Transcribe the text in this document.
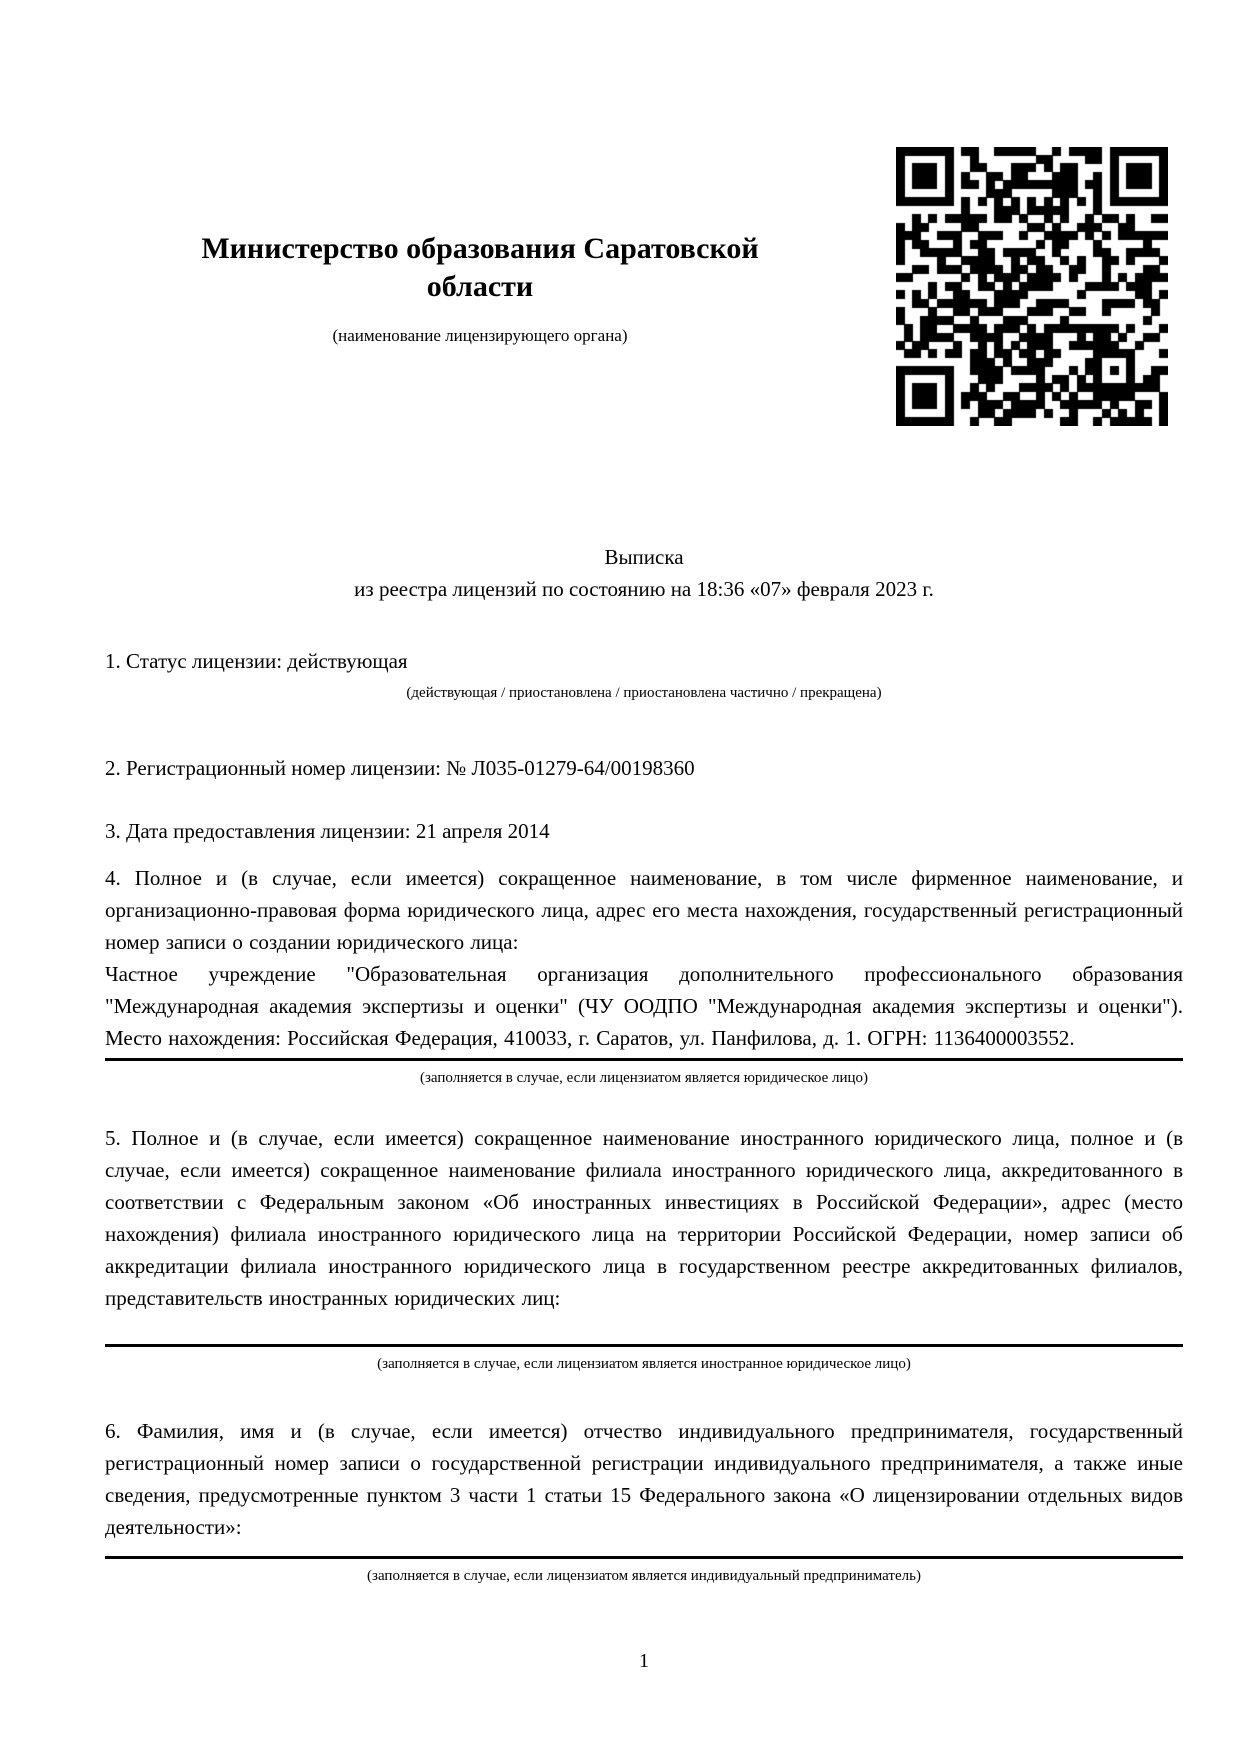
Министерство образования Саратовской
области
(наименование лицензирующего органа)
Выписка
из реестра лицензий по состоянию на 18:36 «07» февраля 2023 г.
1. Статус лицензии: действующая
(действующая / приостановлена / приостановлена частично / прекращена)
2. Регистрационный номер лицензии: № Л035-01279-64/00198360
3. Дата предоставления лицензии: 21 апреля 2014
4. Полное и (в случае, если имеется) сокращенное наименование, в том числе фирменное наименование, и организационно-правовая форма юридического лица, адрес его места нахождения, государственный регистрационный номер записи о создании юридического лица:
Частное учреждение "Образовательная организация дополнительного профессионального образования "Международная академия экспертизы и оценки" (ЧУ ООДПО "Международная академия экспертизы и оценки"). Место нахождения: Российская Федерация, 410033, г. Саратов, ул. Панфилова, д. 1. ОГРН: 1136400003552.
(заполняется в случае, если лицензиатом является юридическое лицо)
5. Полное и (в случае, если имеется) сокращенное наименование иностранного юридического лица, полное и (в случае, если имеется) сокращенное наименование филиала иностранного юридического лица, аккредитованного в соответствии с Федеральным законом «Об иностранных инвестициях в Российской Федерации», адрес (место нахождения) филиала иностранного юридического лица на территории Российской Федерации, номер записи об аккредитации филиала иностранного юридического лица в государственном реестре аккредитованных филиалов, представительств иностранных юридических лиц:
(заполняется в случае, если лицензиатом является иностранное юридическое лицо)
6. Фамилия, имя и (в случае, если имеется) отчество индивидуального предпринимателя, государственный регистрационный номер записи о государственной регистрации индивидуального предпринимателя, а также иные сведения, предусмотренные пунктом 3 части 1 статьи 15 Федерального закона «О лицензировании отдельных видов деятельности»:
(заполняется в случае, если лицензиатом является индивидуальный предприниматель)
1
